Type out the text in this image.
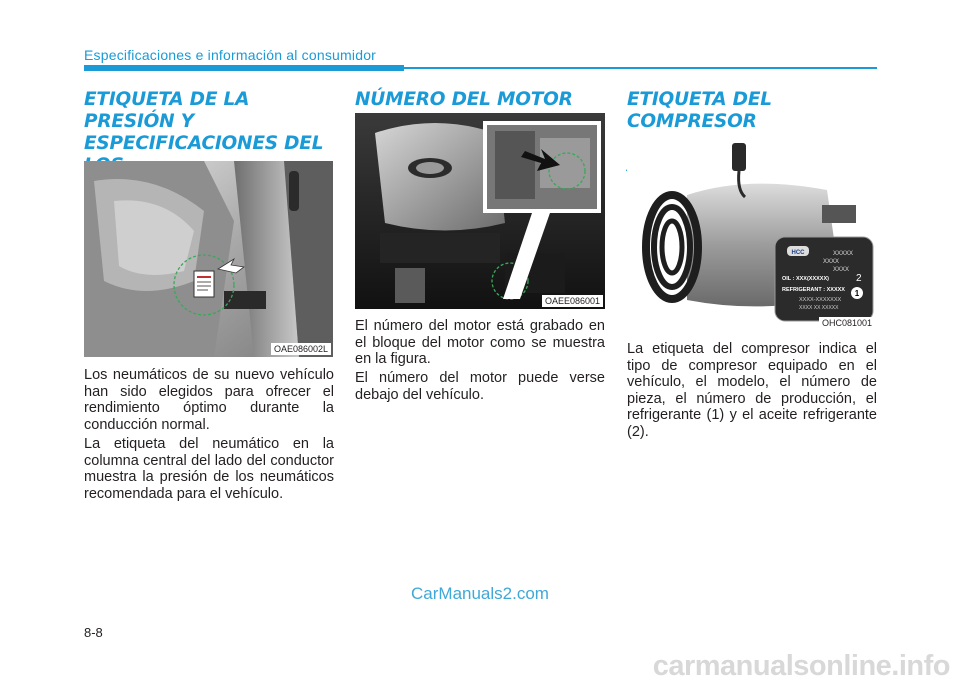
Especificaciones e información al consumidor
ETIQUETA DE LA PRESIÓN Y
ESPECIFICACIONES DEL

OAE086002L

Los neumáticos de su nuevo vehículo han sido elegidos para ofrecer el rendimiento óptimo durante la conducción normal.

La etiqueta del neumático en la columna central del lado del conductor muestra la presión de los neumáticos recomendada para el vehículo.

NÚMERO DEL MOTOR
OAEE086001

El número del motor está grabado en el bloque del motor como se muestra en la figura.

El número del motor puede verse debajo del vehículo.

ETIQUETA DEL COMPRESOR

HCC	XXXXX
XXXX
XXXX
OIL : XXX(XXXXX)	2
REFRIGERANT : XXXXX
XXXX-XXXXXXX
XXXX XX XXXXX
1
OHC081001

La etiqueta del compresor indica el tipo de compresor equipado en el vehículo, el modelo, el número de pieza, el número de producción, el refrigerante (1) y el aceite refrigerante (2).

8-8
CarManuals2.com
carmanualsonline.info
